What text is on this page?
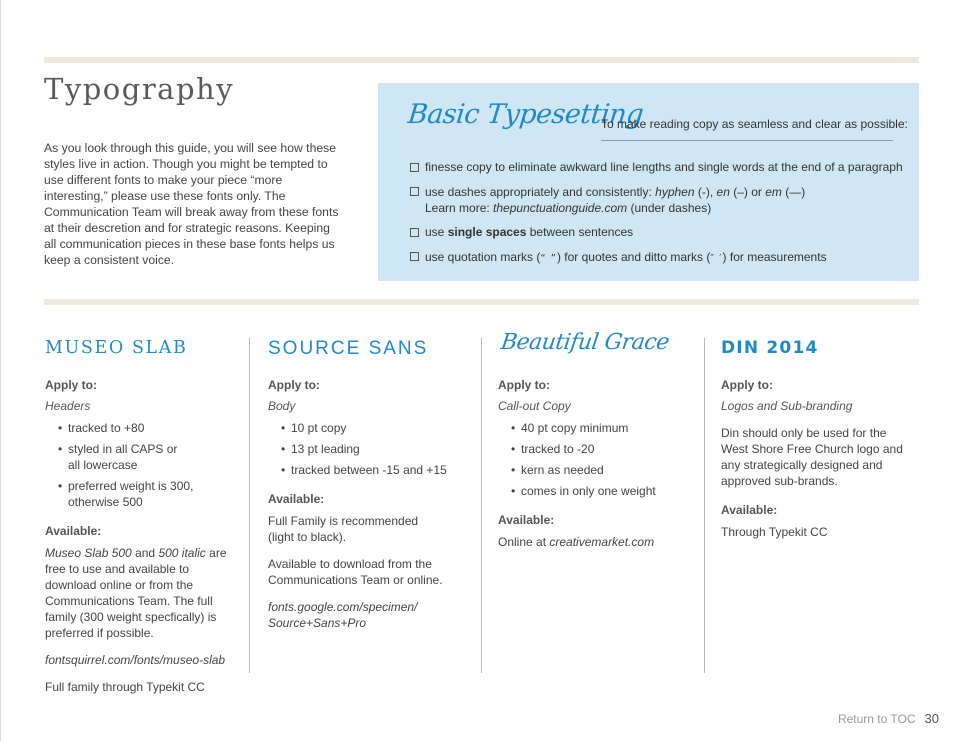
Typography

As you look through this guide, you will see how these styles live in action. Though you might be tempted to use different fonts to make your piece “more interesting,” please use these fonts only. The Communication Team will break away from these fonts at their descretion and for strategic reasons. Keeping all communication pieces in these base fonts helps us keep a consistent voice.

Basic Typesetting
To make reading copy as seamless and clear as possible:
finesse copy to eliminate awkward line lengths and single words at the end of a paragraph
use dashes appropriately and consistently: hyphen (-), en (–) or em (—)
Learn more: thepunctuationguide.com (under dashes)
use single spaces between sentences
use quotation marks (“ ”) for quotes and ditto marks (″ ′) for measurements
MUSEO SLAB
Apply to:
Headers
• tracked to +80
• styled in all CAPS or all lowercase
• preferred weight is 300, otherwise 500
Available:

Museo Slab 500 and 500 italic are free to use and available to download online or from the Communications Team. The full family (300 weight specfically) is preferred if possible.

fontsquirrel.com/fonts/museo-slab

Full family through Typekit CC

SOURCE SANS
Apply to:
Body
• 10 pt copy
• 13 pt leading
• tracked between -15 and +15
Available:

Full Family is recommended (light to black).

Available to download from the Communications Team or online.

fonts.google.com/specimen/ Source+Sans+Pro

Beautiful Grace
Apply to:
Call-out Copy
• 40 pt copy minimum
• tracked to -20
• kern as needed
• comes in only one weight
Available:

Online at creativemarket.com

DIN 2014
Apply to:
Logos and Sub-branding

Din should only be used for the West Shore Free Church logo and any strategically designed and approved sub-brands.

Available:

Through Typekit CC

Return to TOC 30
